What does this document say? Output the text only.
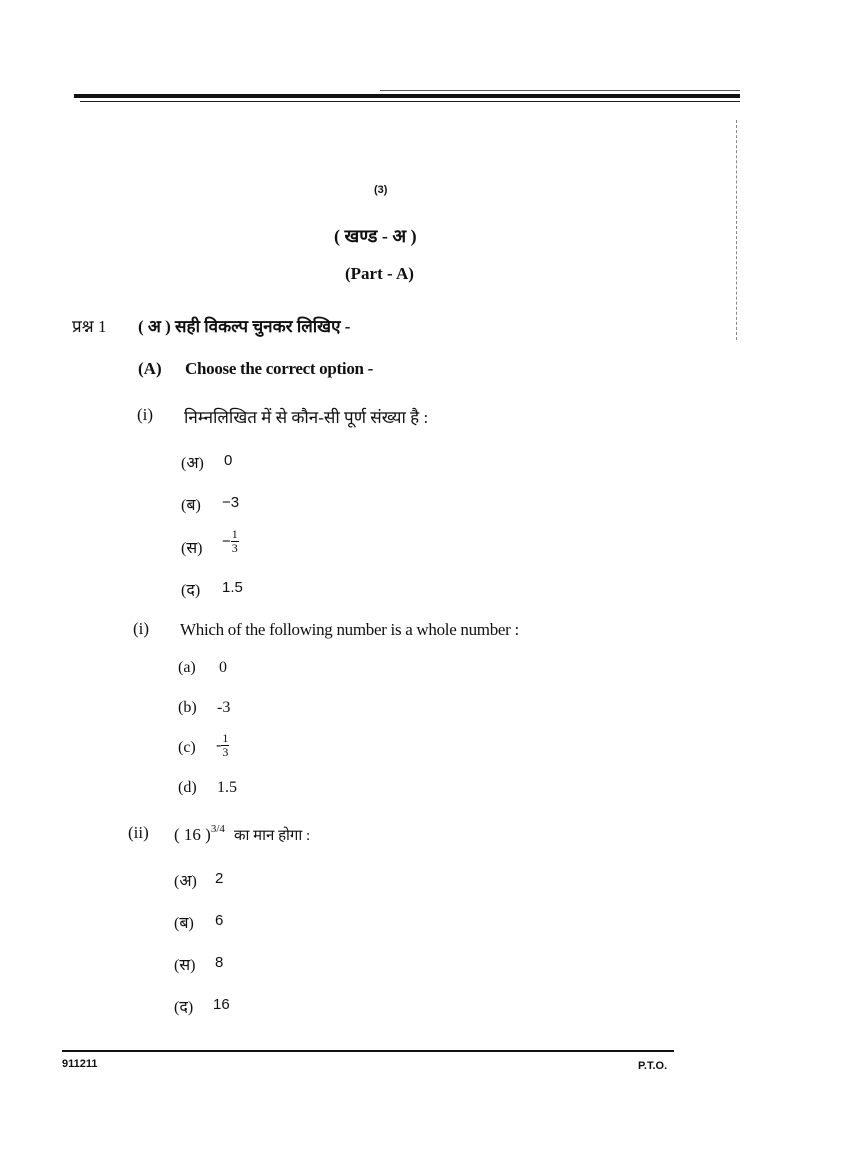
(3)
( खण्ड - अ )
(Part - A)
प्रश्न 1 ( अ ) सही विकल्प चुनकर लिखिए -
(A) Choose the correct option -
(i) निम्नलिखित में से कौन-सी पूर्ण संख्या है :
(अ) 0
(ब) −3
(स) − $\frac{1}{3}$
(द) 1.5
(i) Which of the following number is a whole number :
(a) 0
(b) -3
$(c) - \frac{1}{3}$
(d) 1.5
(ii) ( 16 )$^{3/4}$ का मान होगा :
(अ) 2
(ब) 6
(स) 8
(द) 16
911211	P.T.O.
